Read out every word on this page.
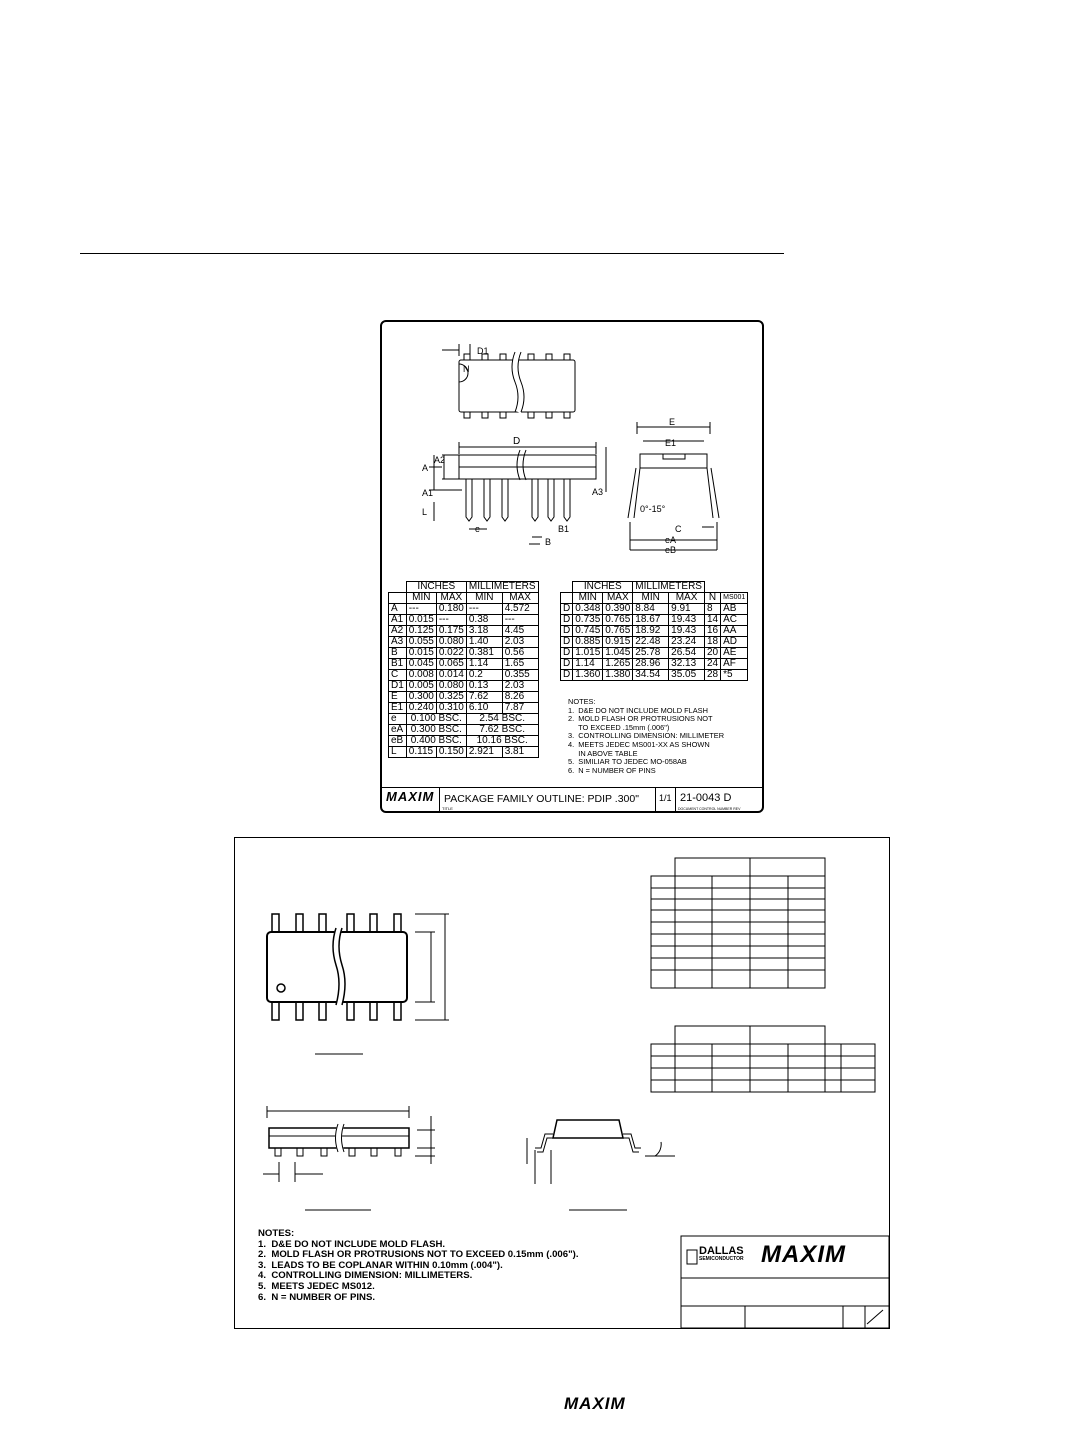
D1
N
D
A
A2
A1
L
A3
e	B1
B
E
E1
0°-15°
C
eA
eB
	INCHES		MILLIMETERS	
	MIN	MAX	MIN	MAX
A	---	0.180	---	4.572
A1	0.015	---	0.38	---
A2	0.125	0.175	3.18	4.45
A3	0.055	0.080	1.40	2.03
B	0.015	0.022	0.381	0.56
B1	0.045	0.065	1.14	1.65
C	0.008	0.014	0.2	0.355
D1	0.005	0.080	0.13	2.03
E	0.300	0.325	7.62	8.26
E1	0.240	0.310	6.10	7.87
e	0.100 BSC.		2.54 BSC.	
eA	0.300 BSC.		7.62 BSC.	
eB	0.400 BSC.		10.16 BSC.	
L	0.115	0.150	2.921	3.81
	INCHES		MILLIMETERS			
	MIN	MAX	MIN	MAX	N	MS001
D	0.348	0.390	8.84	9.91	8	AB
D	0.735	0.765	18.67	19.43	14	AC
D	0.745	0.765	18.92	19.43	16	AA
D	0.885	0.915	22.48	23.24	18	AD
D	1.015	1.045	25.78	26.54	20	AE
D	1.14	1.265	28.96	32.13	24	AF
D	1.360	1.380	34.54	35.05	28	*5
NOTES:
1.  D&E DO NOT INCLUDE MOLD FLASH
2.  MOLD FLASH OR PROTRUSIONS NOT
TO EXCEED .15mm (.006")
3.  CONTROLLING DIMENSION: MILLIMETER
4.  MEETS JEDEC MS001-XX AS SHOWN
IN ABOVE TABLE
5.  SIMILIAR TO JEDEC MO-058AB
6.  N = NUMBER OF PINS
MAXIM
TITLE
PACKAGE FAMILY OUTLINE: PDIP .300"	1/1 21-0043 D
DOCUMENT CONTROL NUMBER REV
NOTES:
1.  D&E DO NOT INCLUDE MOLD FLASH.
2.  MOLD FLASH OR PROTRUSIONS NOT TO EXCEED 0.15mm (.006").
3.  LEADS TO BE COPLANAR WITHIN 0.10mm (.004").
4.  CONTROLLING DIMENSION: MILLIMETERS.
5.  MEETS JEDEC MS012.
6.  N = NUMBER OF PINS.
DALLAS
SEMICONDUCTOR MAXIM
MAXIM
